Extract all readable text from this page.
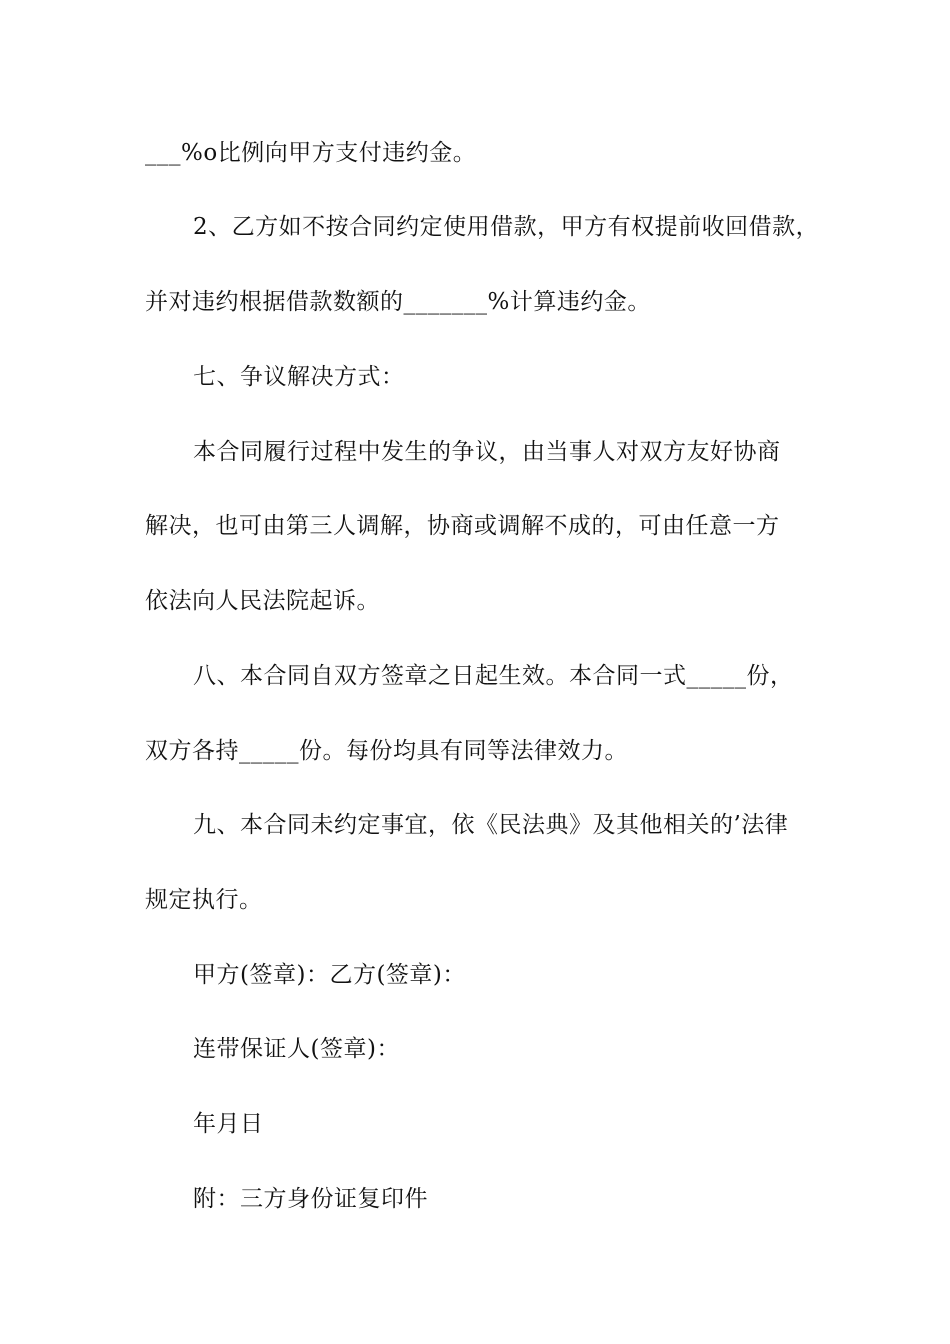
___%o比例向甲方支付违约金。
2、乙方如不按合同约定使用借款，甲方有权提前收回借款，
并对违约根据借款数额的_______%计算违约金。
七、争议解决方式：
本合同履行过程中发生的争议，由当事人对双方友好协商
解决，也可由第三人调解，协商或调解不成的，可由任意一方
依法向人民法院起诉。
八、本合同自双方签章之日起生效。本合同一式_____份，
双方各持_____份。每份均具有同等法律效力。
九、本合同未约定事宜，依《民法典》及其他相关的’法律
规定执行。
甲方(签章)：乙方(签章)：
连带保证人(签章)：
年月日
附：三方身份证复印件
